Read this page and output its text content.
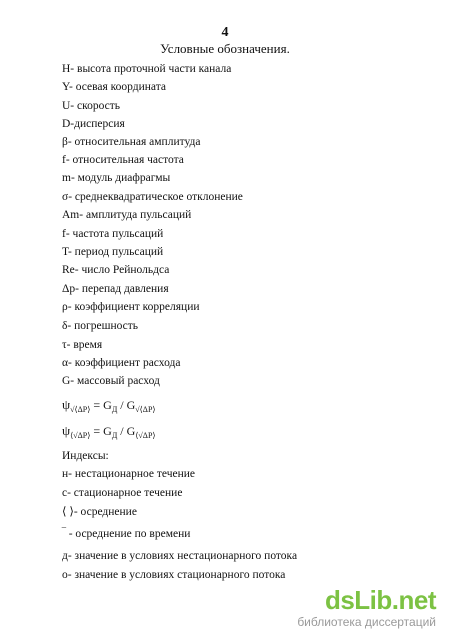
4
Условные обозначения.
H- высота проточной части канала
Y- осевая координата
U- скорость
D-дисперсия
β- относительная амплитуда
f- относительная частота
m- модуль диафрагмы
σ- среднеквадратическое отклонение
Am- амплитуда пульсаций
f- частота пульсаций
T- период пульсаций
Re- число Рейнольдса
Δp- перепад давления
ρ- коэффициент корреляции
δ- погрешность
τ- время
α- коэффициент расхода
G- массовый расход
$\psi_{√⟨\Delta P⟩} = G_Д / G_{√⟨\Delta P⟩}$
$\psi_{⟨√\Delta P⟩} = G_Д / G_{⟨√\Delta P⟩}$
Индексы:
н- нестационарное течение
с- стационарное течение
⟨ ⟩- осреднение
‾ - осреднение по времени
д- значение в условиях нестационарного потока
о- значение в условиях стационарного потока
dsLib.net
библиотека диссертаций
